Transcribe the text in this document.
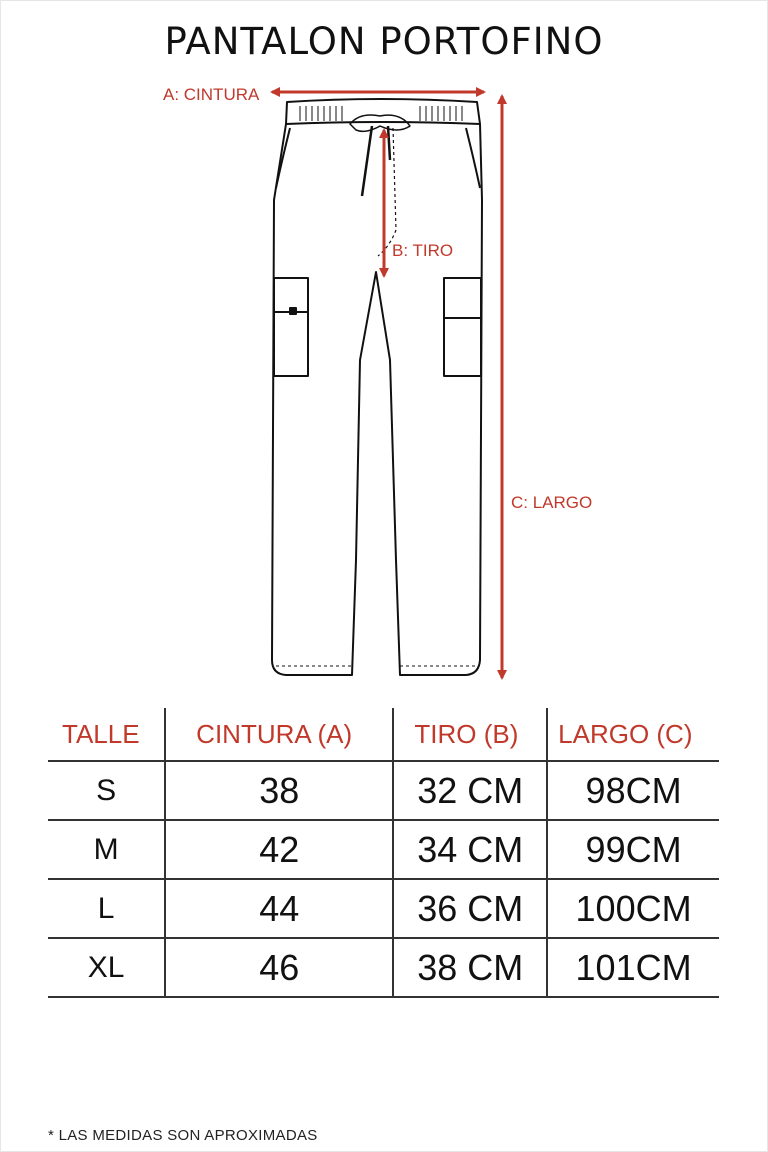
PANTALON PORTOFINO
A: CINTURA
B: TIRO
C: LARGO
TALLE	CINTURA (A)	TIRO (B)	LARGO (C)
S	38	32 CM	98CM
M	42	34 CM	99CM
L	44	36 CM	100CM
XL	46	38 CM	101CM
* LAS MEDIDAS SON APROXIMADAS
